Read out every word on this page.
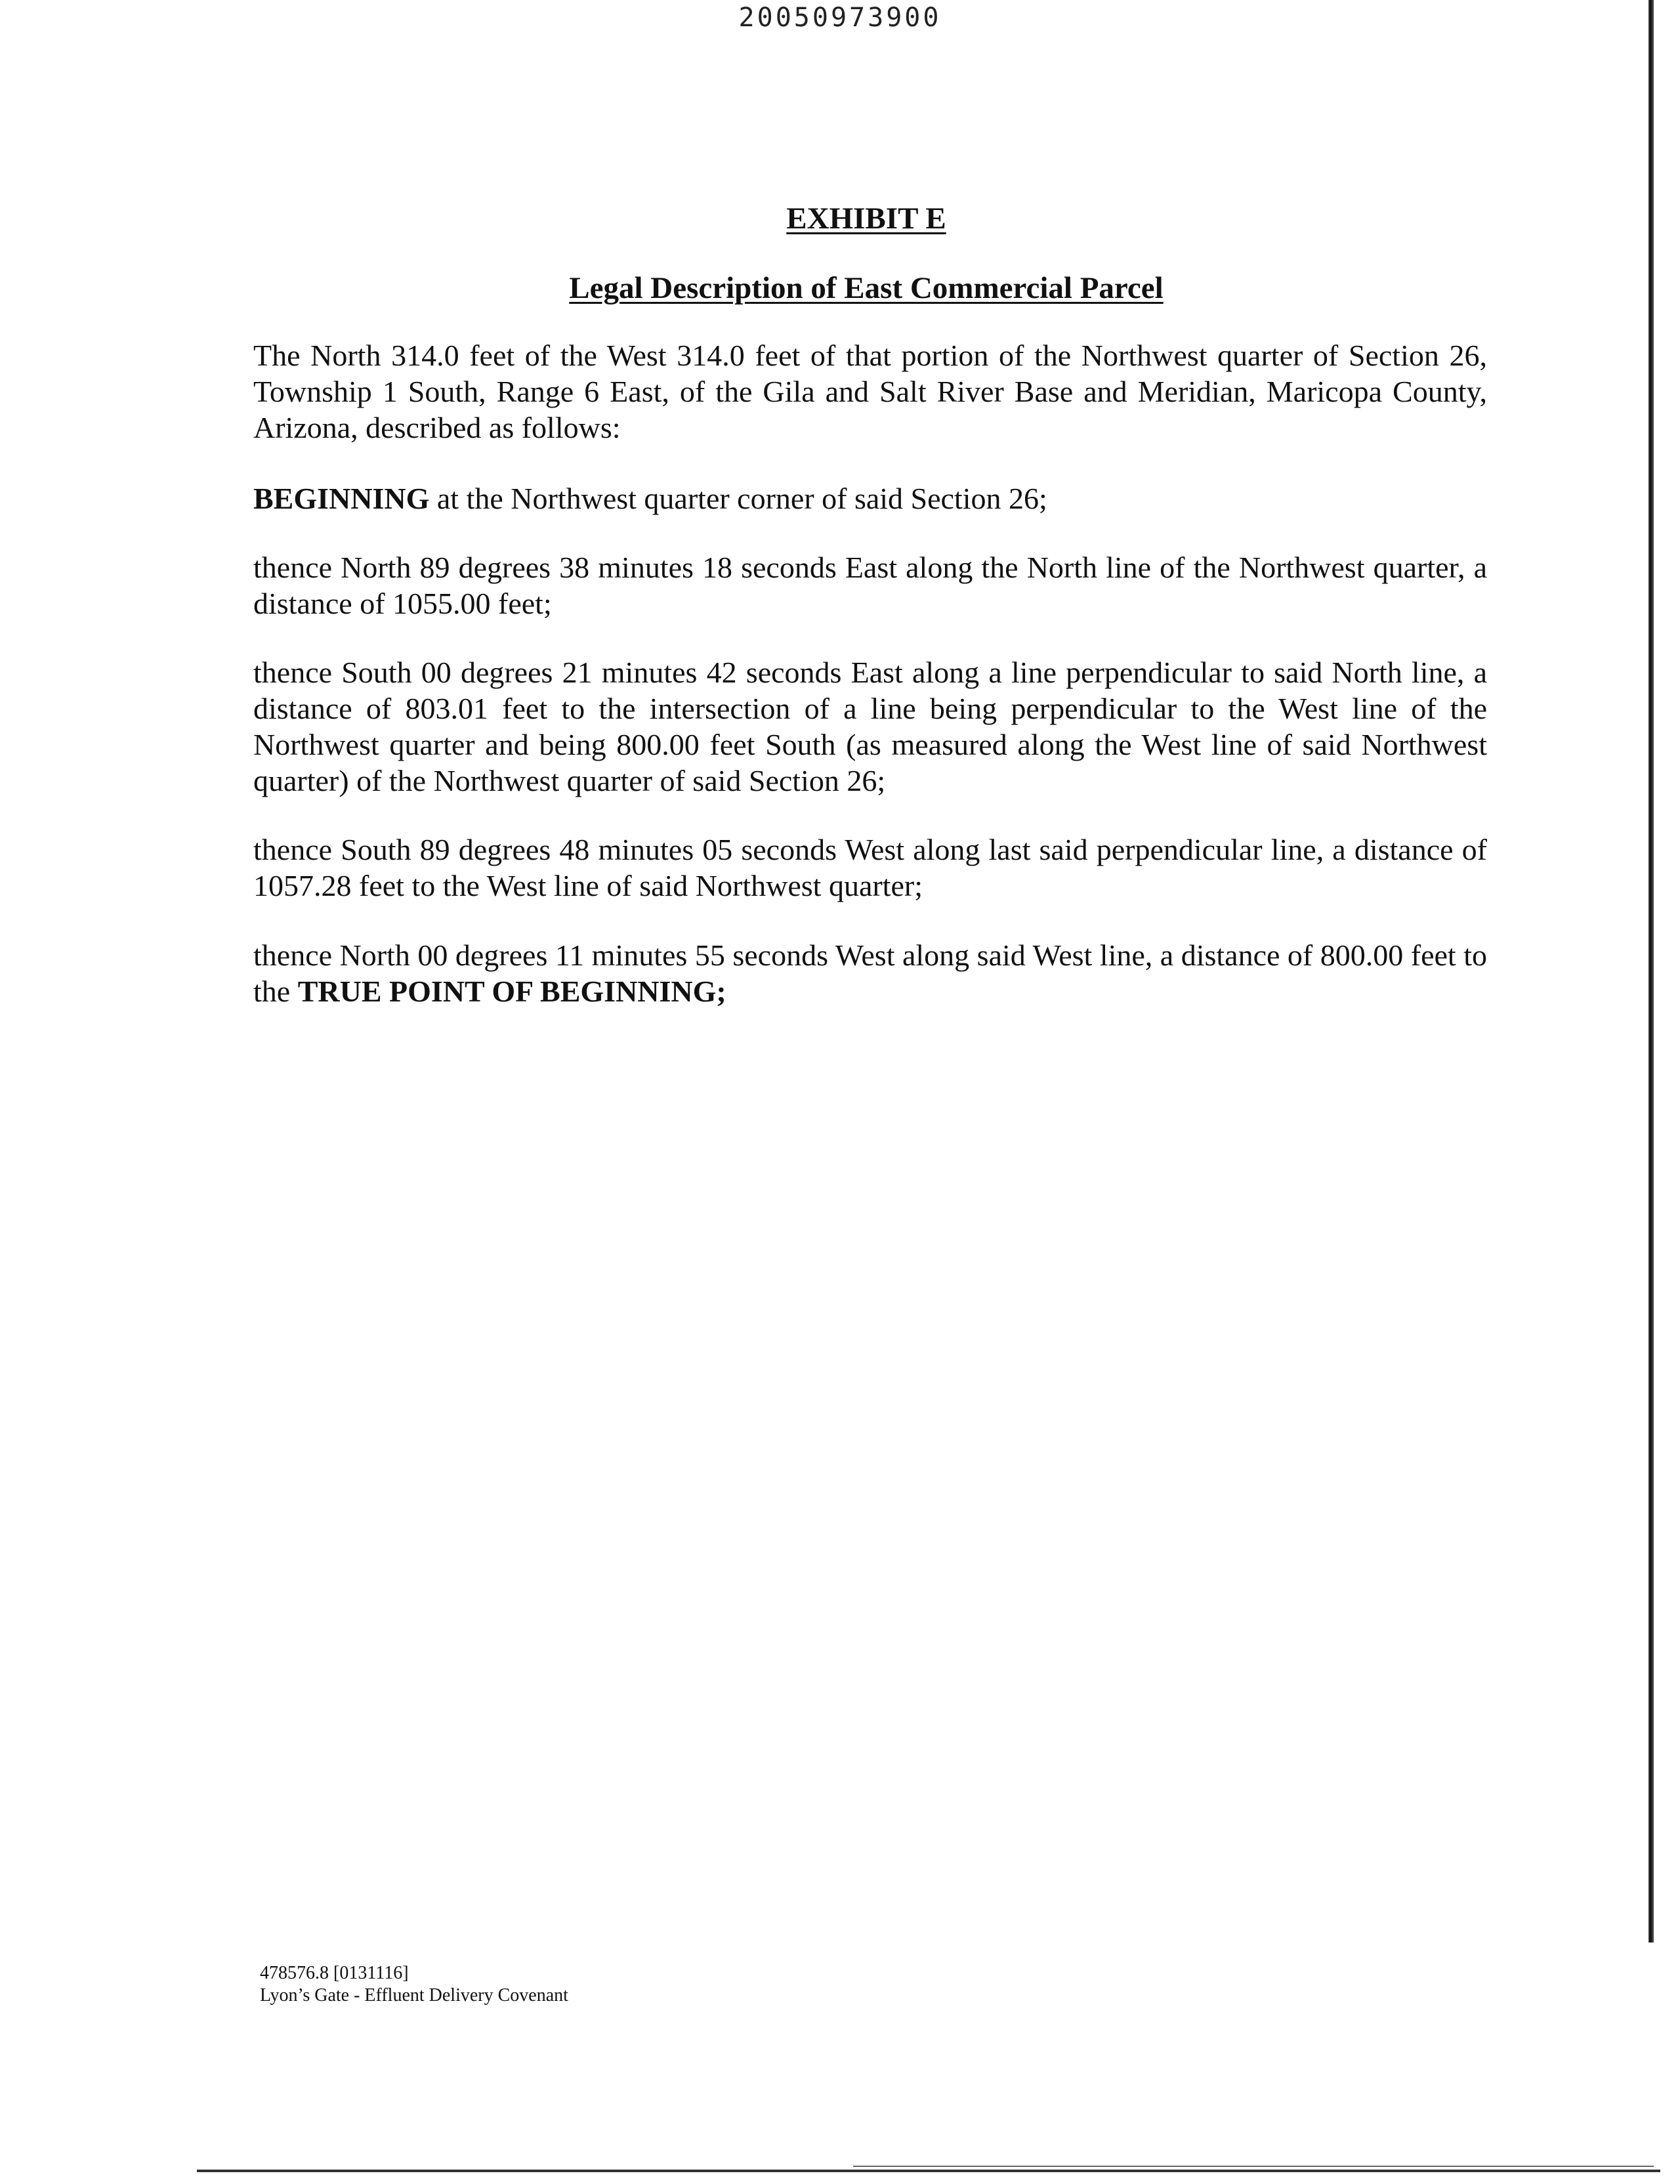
20050973900
EXHIBIT E
Legal Description of East Commercial Parcel

The North 314.0 feet of the West 314.0 feet of that portion of the Northwest quarter of Section 26, Township 1 South, Range 6 East, of the Gila and Salt River Base and Meridian, Maricopa County, Arizona, described as follows:

BEGINNING at the Northwest quarter corner of said Section 26;

thence North 89 degrees 38 minutes 18 seconds East along the North line of the Northwest quarter, a distance of 1055.00 feet;

thence South 00 degrees 21 minutes 42 seconds East along a line perpendicular to said North line, a distance of 803.01 feet to the intersection of a line being perpendicular to the West line of the Northwest quarter and being 800.00 feet South (as measured along the West line of said Northwest quarter) of the Northwest quarter of said Section 26;

thence South 89 degrees 48 minutes 05 seconds West along last said perpendicular line, a distance of 1057.28 feet to the West line of said Northwest quarter;

thence North 00 degrees 11 minutes 55 seconds West along said West line, a distance of 800.00 feet to the TRUE POINT OF BEGINNING;

478576.8 [0131116]
Lyon’s Gate - Effluent Delivery Covenant
